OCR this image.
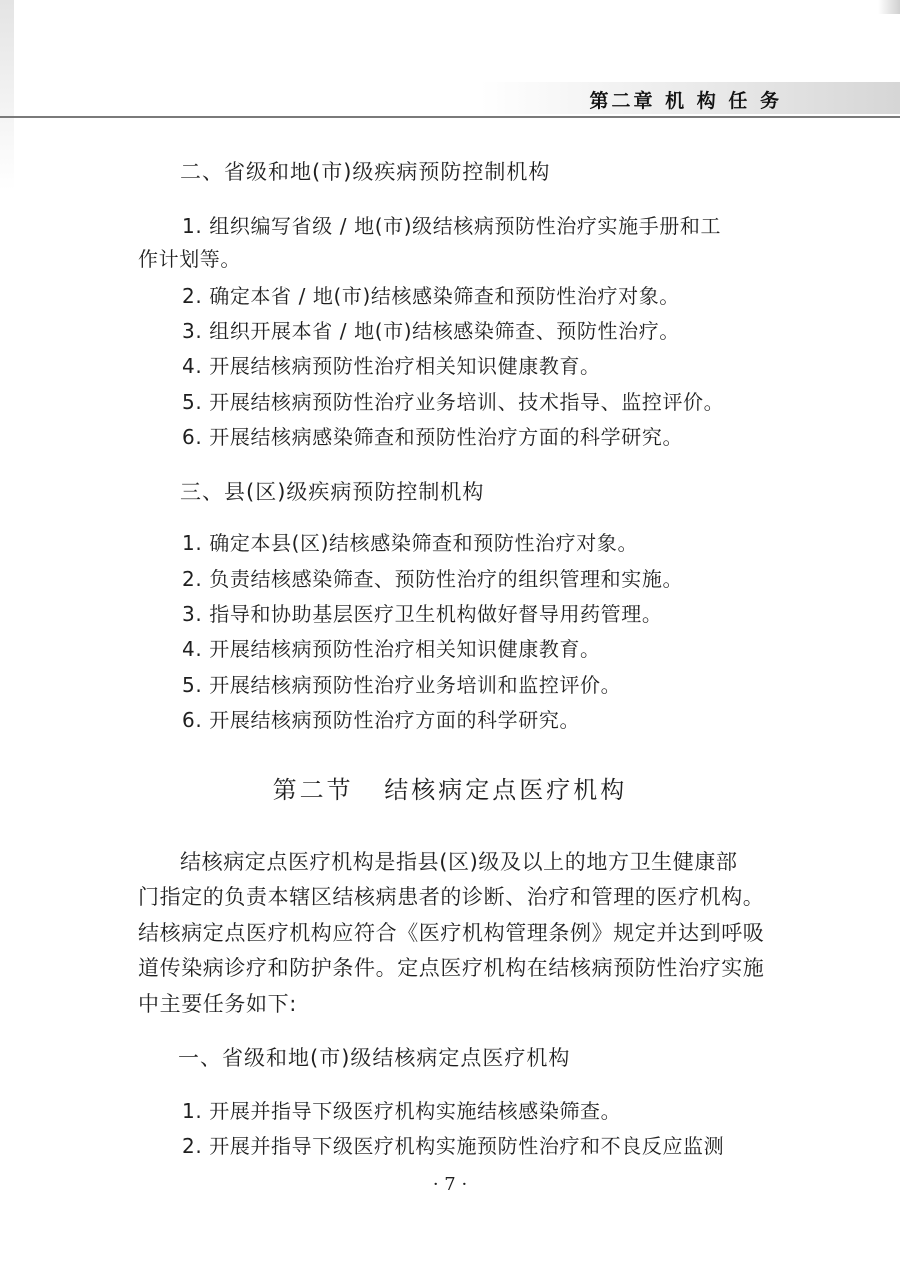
第二章 机 构 任 务
二、省级和地(市)级疾病预防控制机构
1. 组织编写省级 / 地(市)级结核病预防性治疗实施手册和工
作计划等。
2. 确定本省 / 地(市)结核感染筛查和预防性治疗对象。
3. 组织开展本省 / 地(市)结核感染筛查、预防性治疗。
4. 开展结核病预防性治疗相关知识健康教育。
5. 开展结核病预防性治疗业务培训、技术指导、监控评价。
6. 开展结核病感染筛查和预防性治疗方面的科学研究。
三、县(区)级疾病预防控制机构
1. 确定本县(区)结核感染筛查和预防性治疗对象。
2. 负责结核感染筛查、预防性治疗的组织管理和实施。
3. 指导和协助基层医疗卫生机构做好督导用药管理。
4. 开展结核病预防性治疗相关知识健康教育。
5. 开展结核病预防性治疗业务培训和监控评价。
6. 开展结核病预防性治疗方面的科学研究。
第二节 结核病定点医疗机构
结核病定点医疗机构是指县(区)级及以上的地方卫生健康部
门指定的负责本辖区结核病患者的诊断、治疗和管理的医疗机构。
结核病定点医疗机构应符合《医疗机构管理条例》规定并达到呼吸
道传染病诊疗和防护条件。定点医疗机构在结核病预防性治疗实施
中主要任务如下:
一、省级和地(市)级结核病定点医疗机构
1. 开展并指导下级医疗机构实施结核感染筛查。
2. 开展并指导下级医疗机构实施预防性治疗和不良反应监测
· 7 ·
